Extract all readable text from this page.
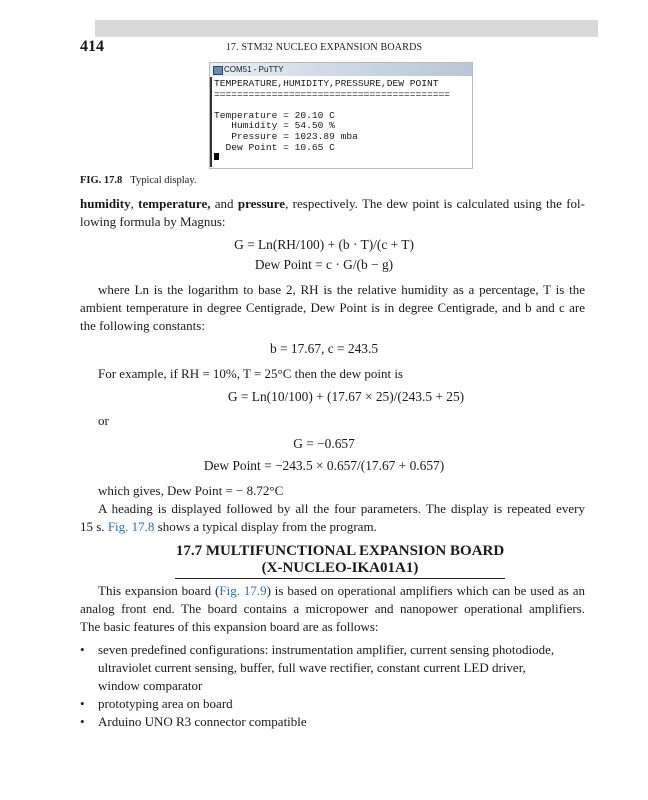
414	17. STM32 NUCLEO EXPANSION BOARDS
COM51 - PuTTY
TEMPERATURE,HUMIDITY,PRESSURE,DEW POINT
=========================================
Temperature = 20.10 C
Humidity = 54.50 %
Pressure = 1023.89 mba
Dew Point = 10.65 C
FIG. 17.8 Typical display.
humidity, temperature, and pressure, respectively. The dew point is calculated using the fol-
lowing formula by Magnus:
G = Ln(RH/100) + (b · T)/(c + T)
Dew Point = c · G/(b − g)
where Ln is the logarithm to base 2, RH is the relative humidity as a percentage, T is the
ambient temperature in degree Centigrade, Dew Point is in degree Centigrade, and b and c are
the following constants:
b = 17.67, c = 243.5
For example, if RH = 10%, T = 25°C then the dew point is
G = Ln(10/100) + (17.67 × 25)/(243.5 + 25)
or
G = −0.657
Dew Point = −243.5 × 0.657/(17.67 + 0.657)
which gives, Dew Point = − 8.72°C
A heading is displayed followed by all the four parameters. The display is repeated every
15 s. Fig. 17.8 shows a typical display from the program.
17.7 MULTIFUNCTIONAL EXPANSION BOARD
(X-NUCLEO-IKA01A1)
This expansion board (Fig. 17.9) is based on operational amplifiers which can be used as an
analog front end. The board contains a micropower and nanopower operational amplifiers.
The basic features of this expansion board are as follows:
• seven predefined configurations: instrumentation amplifier, current sensing photodiode,
ultraviolet current sensing, buffer, full wave rectifier, constant current LED driver,
window comparator
• prototyping area on board
• Arduino UNO R3 connector compatible
